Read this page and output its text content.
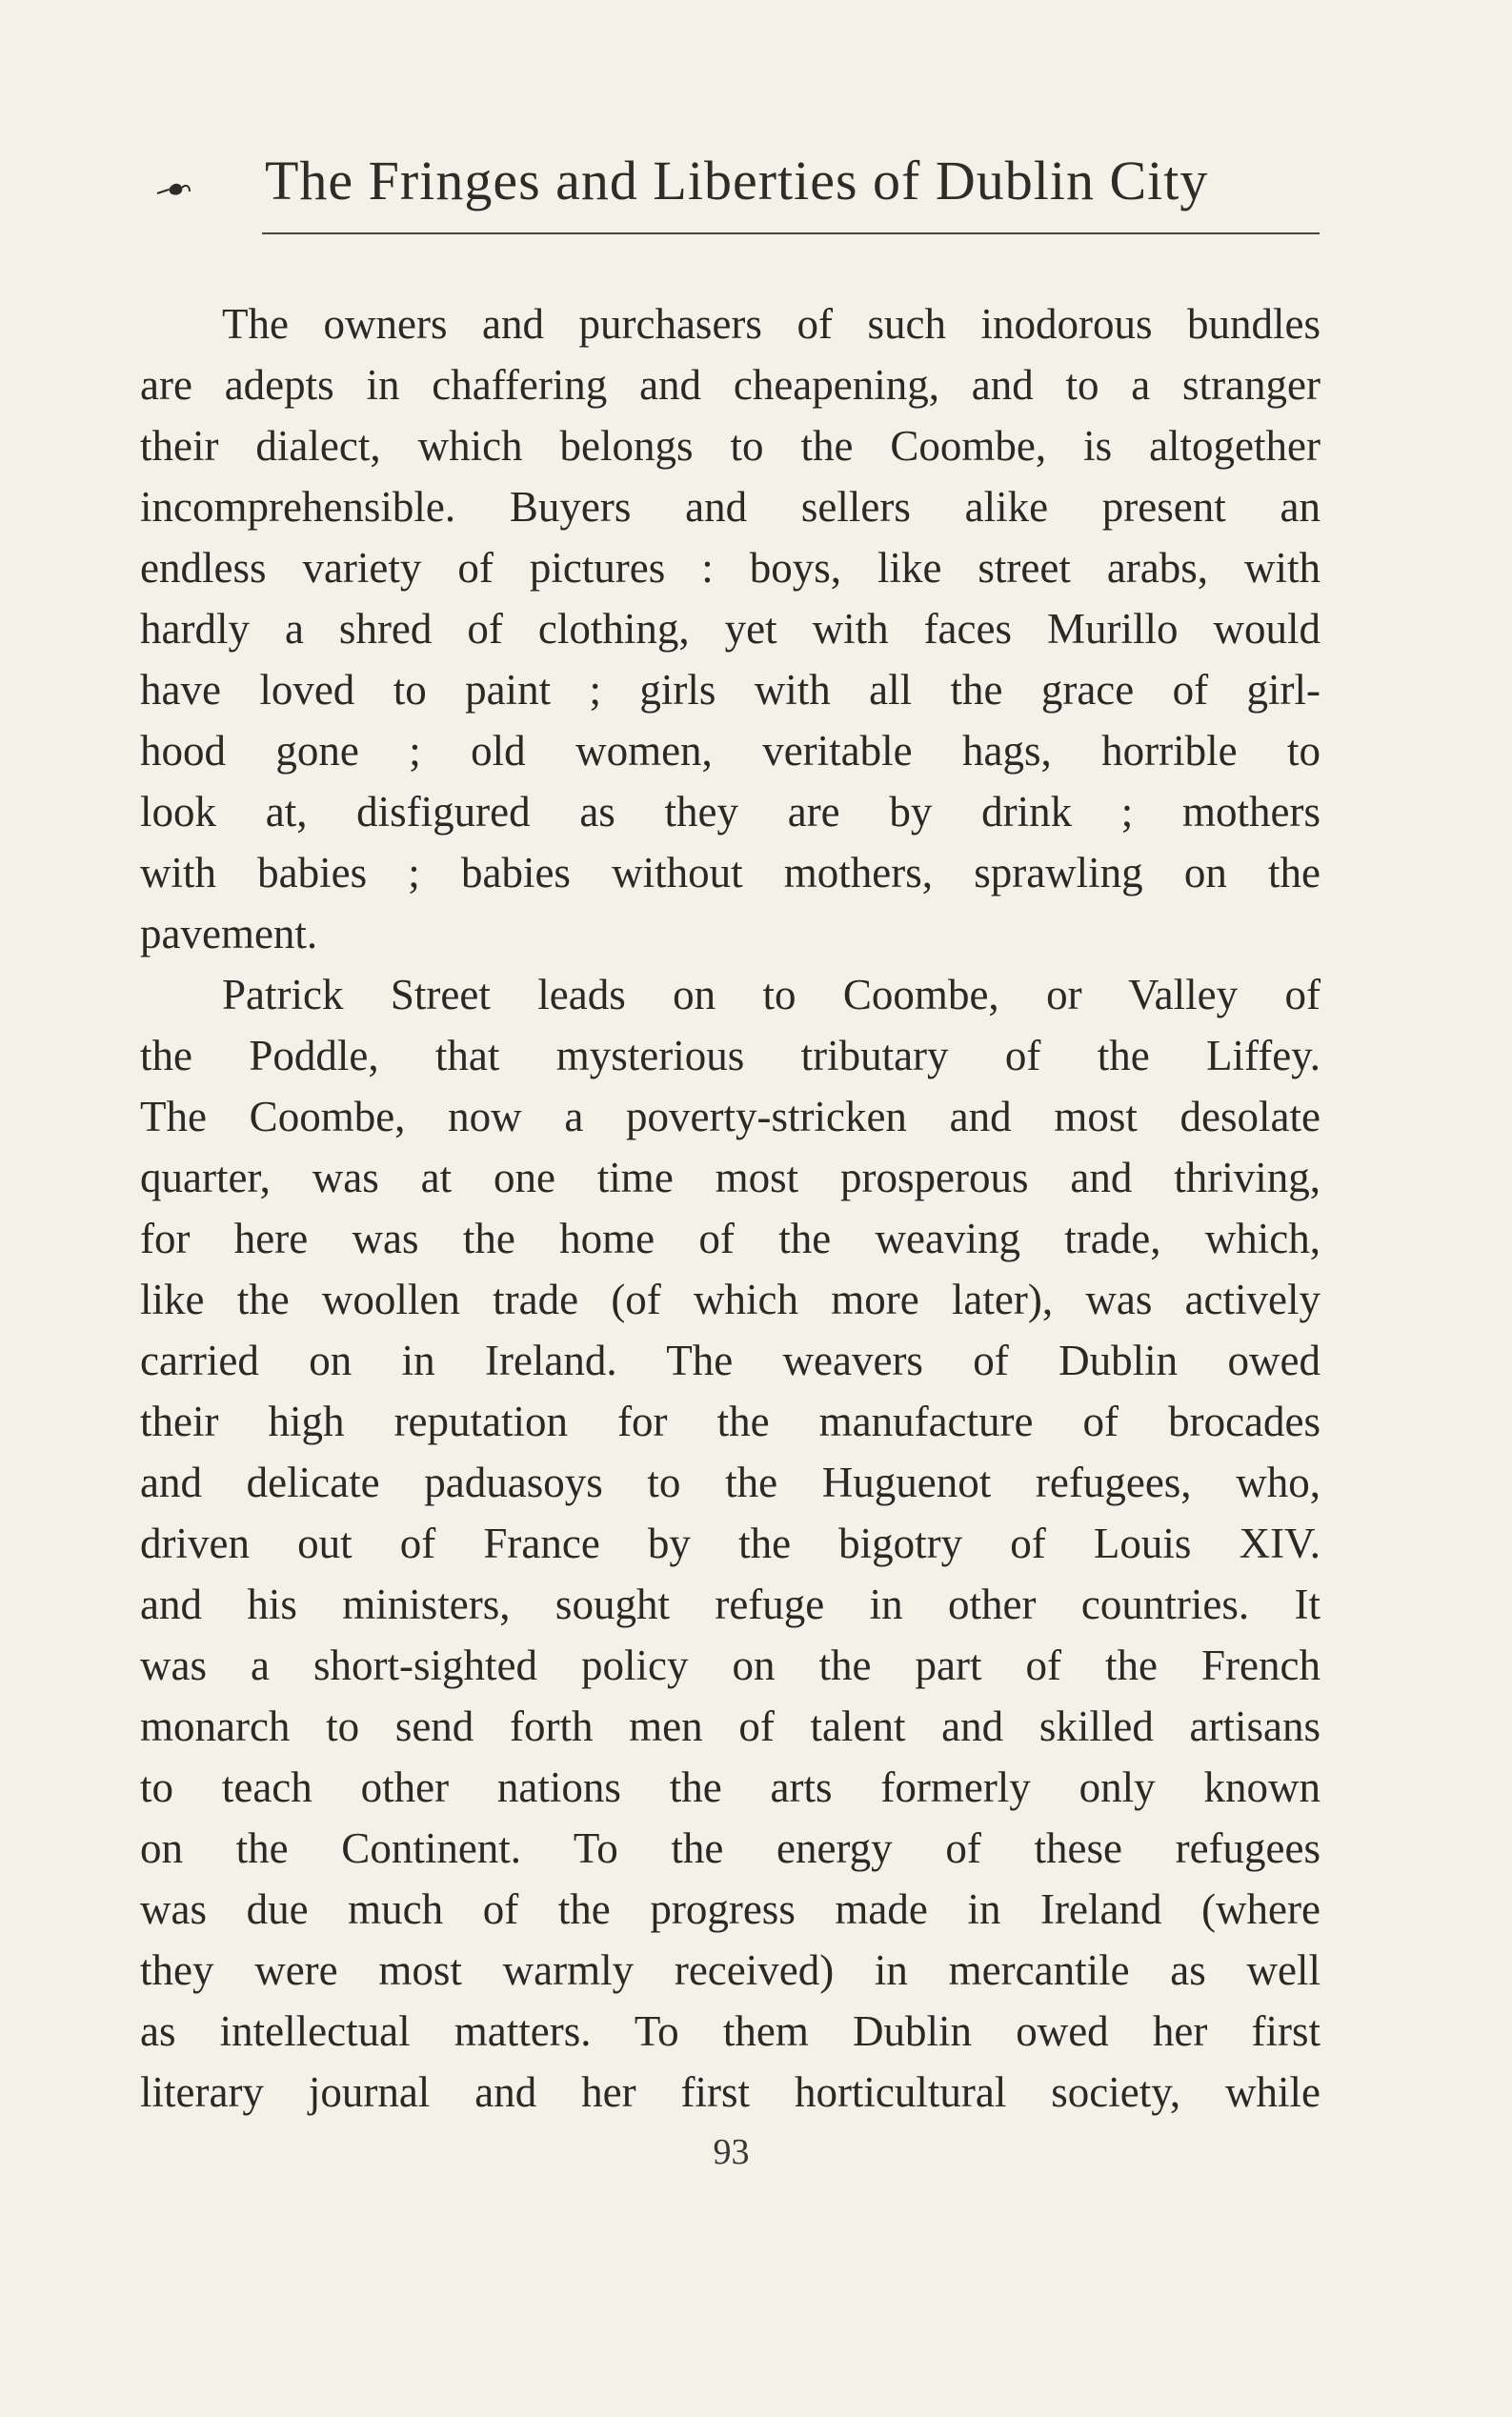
The Fringes and Liberties of Dublin City
The owners and purchasers of such inodorous bundles
are adepts in chaffering and cheapening, and to a stranger
their dialect, which belongs to the Coombe, is altogether
incomprehensible. Buyers and sellers alike present an
endless variety of pictures : boys, like street arabs, with
hardly a shred of clothing, yet with faces Murillo would
have loved to paint ; girls with all the grace of girl-
hood gone ; old women, veritable hags, horrible to
look at, disfigured as they are by drink ; mothers
with babies ; babies without mothers, sprawling on the
pavement.
Patrick Street leads on to Coombe, or Valley of
the Poddle, that mysterious tributary of the Liffey.
The Coombe, now a poverty-stricken and most desolate
quarter, was at one time most prosperous and thriving,
for here was the home of the weaving trade, which,
like the woollen trade (of which more later), was actively
carried on in Ireland. The weavers of Dublin owed
their high reputation for the manufacture of brocades
and delicate paduasoys to the Huguenot refugees, who,
driven out of France by the bigotry of Louis XIV.
and his ministers, sought refuge in other countries. It
was a short-sighted policy on the part of the French
monarch to send forth men of talent and skilled artisans
to teach other nations the arts formerly only known
on the Continent. To the energy of these refugees
was due much of the progress made in Ireland (where
they were most warmly received) in mercantile as well
as intellectual matters. To them Dublin owed her first
literary journal and her first horticultural society, while
93
